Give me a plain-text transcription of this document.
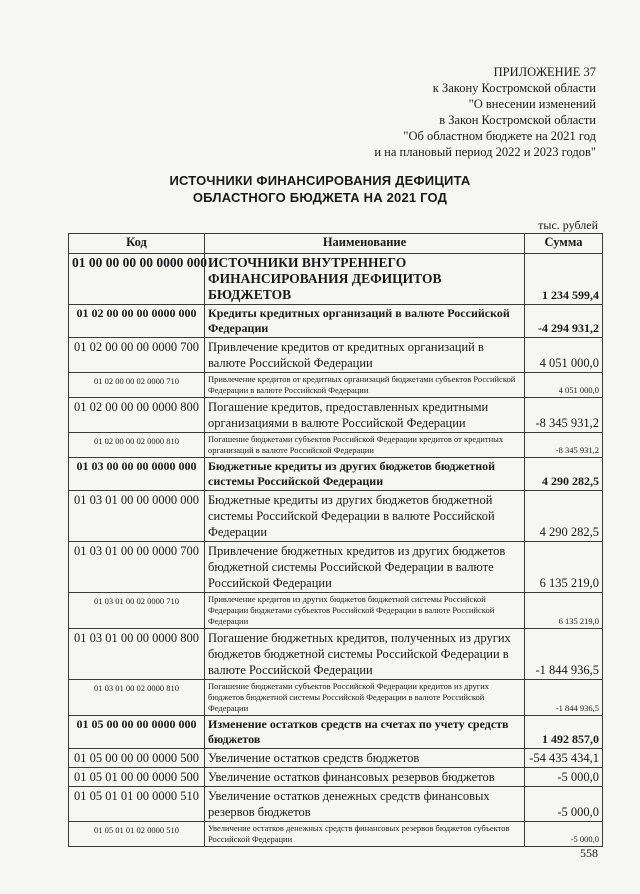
ПРИЛОЖЕНИЕ 37
к Закону Костромской области
"О внесении изменений
в Закон Костромской области
"Об областном бюджете на 2021 год
и на плановый период 2022 и 2023 годов"
ИСТОЧНИКИ ФИНАНСИРОВАНИЯ ДЕФИЦИТА
ОБЛАСТНОГО БЮДЖЕТА НА 2021 ГОД
тыс. рублей
Код	Наименование	Сумма
01 00 00 00 00 0000 000	ИСТОЧНИКИ ВНУТРЕННЕГО ФИНАНСИРОВАНИЯ ДЕФИЦИТОВ БЮДЖЕТОВ	1 234 599,4
01 02 00 00 00 0000 000	Кредиты кредитных организаций в валюте Российской Федерации	-4 294 931,2
01 02 00 00 00 0000 700	Привлечение кредитов от кредитных организаций в валюте Российской Федерации	4 051 000,0
01 02 00 00 02 0000 710	Привлечение кредитов от кредитных организаций бюджетами субъектов Российской Федерации в валюте Российской Федерации	4 051 000,0
01 02 00 00 00 0000 800	Погашение кредитов, предоставленных кредитными организациями в валюте Российской Федерации	-8 345 931,2
01 02 00 00 02 0000 810	Погашение бюджетами субъектов Российской Федерации кредитов от кредитных организаций в валюте Российской Федерации	-8 345 931,2
01 03 00 00 00 0000 000	Бюджетные кредиты из других бюджетов бюджетной системы Российской Федерации	4 290 282,5
01 03 01 00 00 0000 000	Бюджетные кредиты из других бюджетов бюджетной системы Российской Федерации в валюте Российской Федерации	4 290 282,5
01 03 01 00 00 0000 700	Привлечение бюджетных кредитов из других бюджетов бюджетной системы Российской Федерации в валюте Российской Федерации	6 135 219,0
01 03 01 00 02 0000 710	Привлечение кредитов из других бюджетов бюджетной системы Российской Федерации бюджетами субъектов Российской Федерации в валюте Российской Федерации	6 135 219,0
01 03 01 00 00 0000 800	Погашение бюджетных кредитов, полученных из других бюджетов бюджетной системы Российской Федерации в валюте Российской Федерации	-1 844 936,5
01 03 01 00 02 0000 810	Погашение бюджетами субъектов Российской Федерации кредитов из других бюджетов бюджетной системы Российской Федерации в валюте Российской Федерации	-1 844 936,5
01 05 00 00 00 0000 000	Изменение остатков средств на счетах по учету средств бюджетов	1 492 857,0
01 05 00 00 00 0000 500	Увеличение остатков средств бюджетов	-54 435 434,1
01 05 01 00 00 0000 500	Увеличение остатков финансовых резервов бюджетов	-5 000,0
01 05 01 01 00 0000 510	Увеличение остатков денежных средств финансовых резервов бюджетов	-5 000,0
01 05 01 01 02 0000 510	Увеличение остатков денежных средств финансовых резервов бюджетов субъектов Российской Федерации	-5 000,0
558
